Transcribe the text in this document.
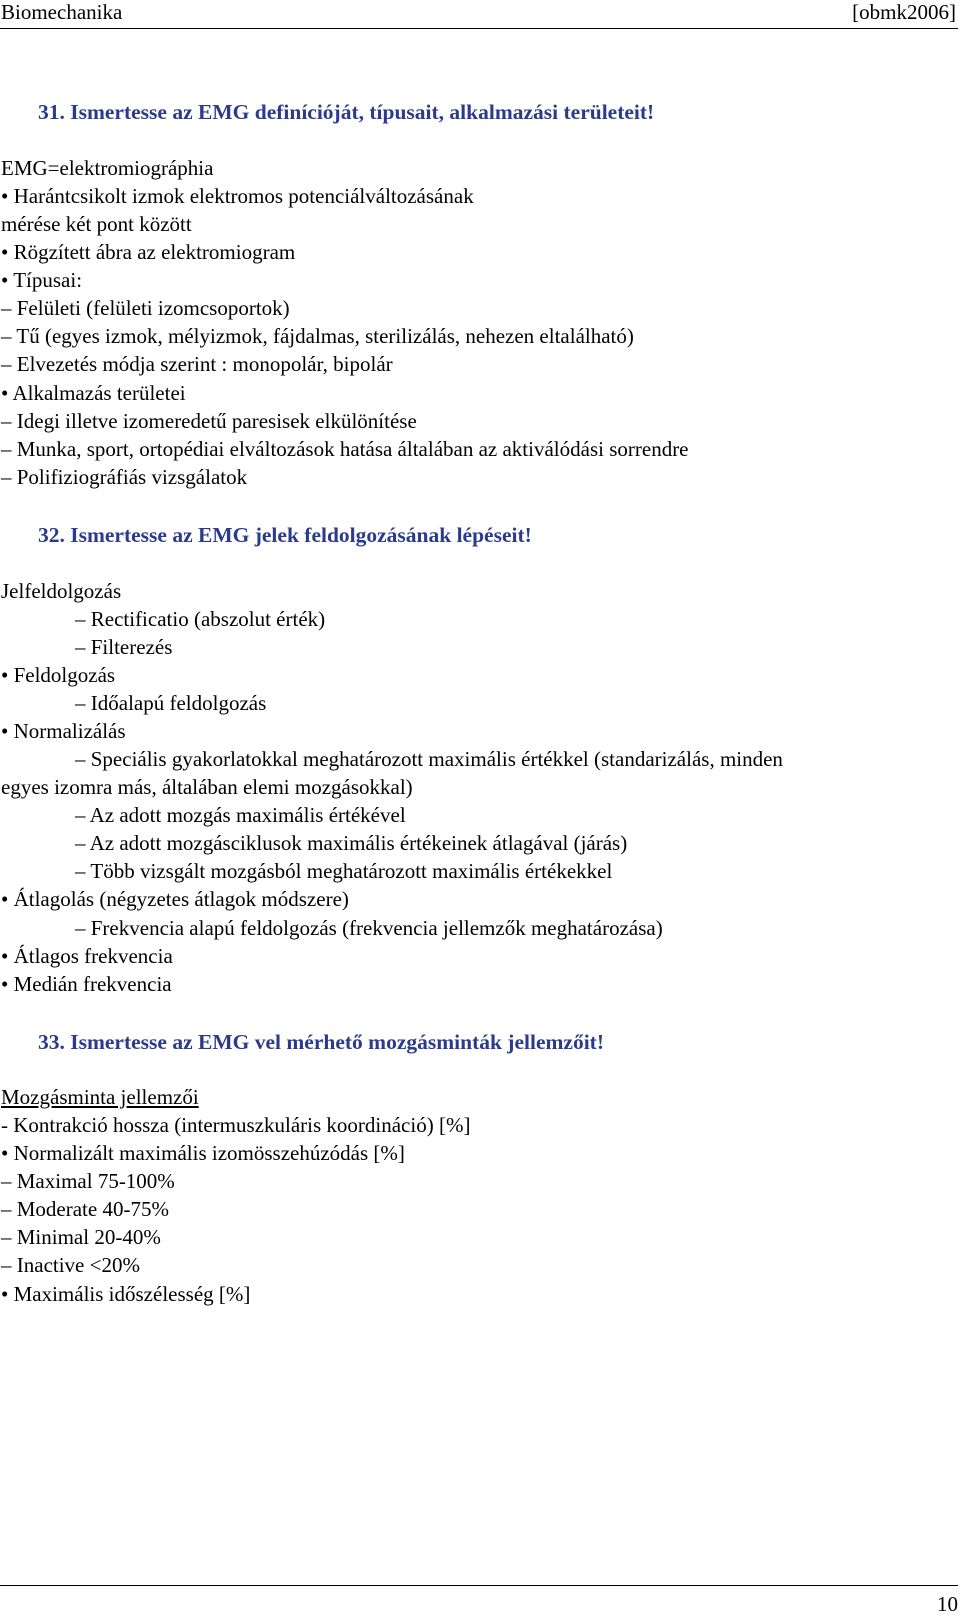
Biomechanika	[obmk2006]
31. Ismertesse az EMG definícióját, típusait, alkalmazási területeit!
EMG=elektromiográphia
• Harántcsikolt izmok elektromos potenciálváltozásának
mérése két pont között
• Rögzített ábra az elektromiogram
• Típusai:
– Felületi (felületi izomcsoportok)
– Tű (egyes izmok, mélyizmok, fájdalmas, sterilizálás, nehezen eltalálható)
– Elvezetés módja szerint : monopolár, bipolár
• Alkalmazás területei
– Idegi illetve izomeredetű paresisek elkülönítése
– Munka, sport, ortopédiai elváltozások hatása általában az aktiválódási sorrendre
– Polifiziográfiás vizsgálatok
32. Ismertesse az EMG jelek feldolgozásának lépéseit!
Jelfeldolgozás
– Rectificatio (abszolut érték)
– Filterezés
• Feldolgozás
– Időalapú feldolgozás
• Normalizálás
– Speciális gyakorlatokkal meghatározott maximális értékkel (standarizálás, minden
egyes izomra más, általában elemi mozgásokkal)
– Az adott mozgás maximális értékével
– Az adott mozgásciklusok maximális értékeinek átlagával (járás)
– Több vizsgált mozgásból meghatározott maximális értékekkel
• Átlagolás (négyzetes átlagok módszere)
– Frekvencia alapú feldolgozás (frekvencia jellemzők meghatározása)
• Átlagos frekvencia
• Medián frekvencia
33. Ismertesse az EMG vel mérhető mozgásminták jellemzőit!
Mozgásminta jellemzői
- Kontrakció hossza (intermuszkuláris koordináció) [%]
• Normalizált maximális izomösszehúzódás [%]
– Maximal 75-100%
– Moderate 40-75%
– Minimal 20-40%
– Inactive <20%
• Maximális időszélesség [%]
10
